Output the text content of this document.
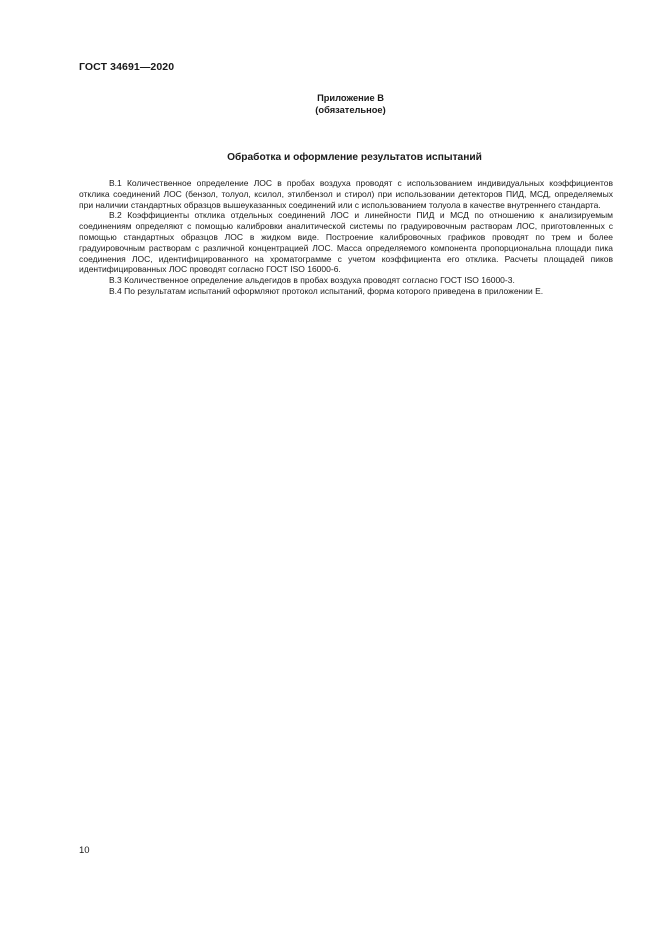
ГОСТ 34691—2020
Приложение В
(обязательное)
Обработка и оформление результатов испытаний

В.1 Количественное определение ЛОС в пробах воздуха проводят с использованием индивидуальных коэффициентов отклика соединений ЛОС (бензол, толуол, ксилол, этилбензол и стирол) при использовании детекторов ПИД, МСД, определяемых при наличии стандартных образцов вышеуказанных соединений или с использованием толуола в качестве внутреннего стандарта.

В.2 Коэффициенты отклика отдельных соединений ЛОС и линейности ПИД и МСД по отношению к анализируемым соединениям определяют с помощью калибровки аналитической системы по градуировочным растворам ЛОС, приготовленных с помощью стандартных образцов ЛОС в жидком виде. Построение калибровочных графиков проводят по трем и более градуировочным растворам с различной концентрацией ЛОС. Масса определяемого компонента пропорциональна площади пика соединения ЛОС, идентифицированного на хроматограмме с учетом коэффициента его отклика. Расчеты площадей пиков идентифицированных ЛОС проводят согласно ГОСТ ISO 16000-6.

В.3 Количественное определение альдегидов в пробах воздуха проводят согласно ГОСТ ISO 16000-3.

В.4 По результатам испытаний оформляют протокол испытаний, форма которого приведена в приложении Е.

10
